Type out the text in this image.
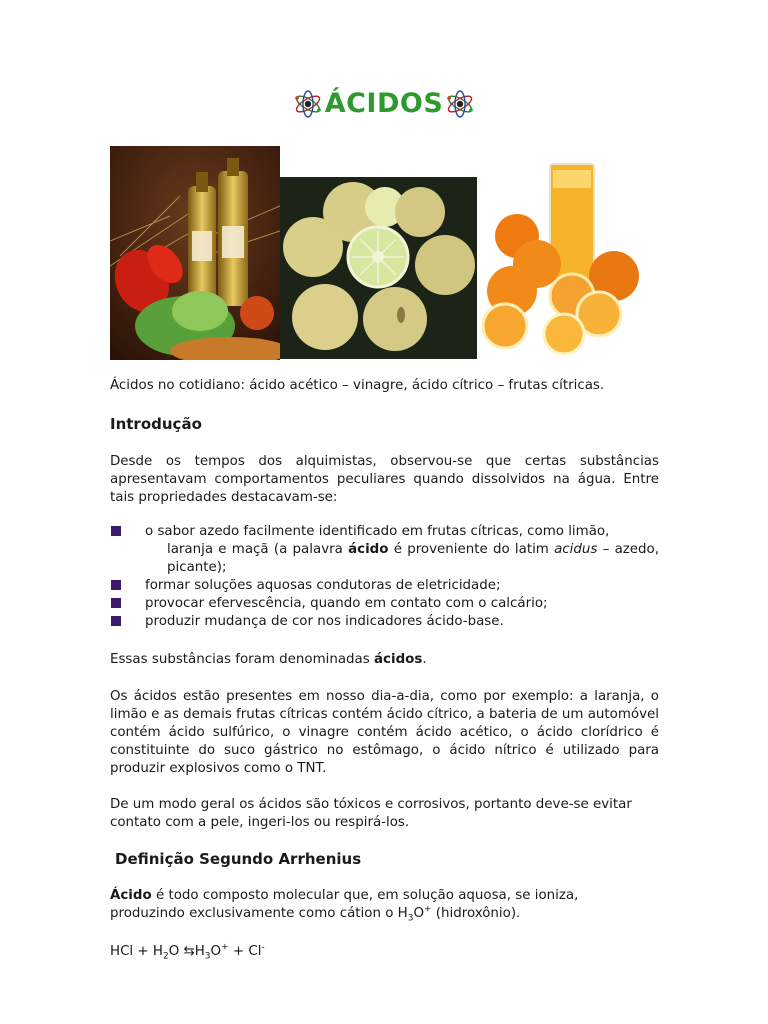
ÁCIDOS
Ácidos no cotidiano: ácido acético – vinagre, ácido cítrico – frutas cítricas.
Introdução
Desde os tempos dos alquimistas, observou-se que certas substâncias apresentavam comportamentos peculiares quando dissolvidos na água. Entre tais propriedades destacavam-se:
o sabor azedo facilmente identificado em frutas cítricas, como limão,
laranja e maçã (a palavra ácido é proveniente do latim acidus – azedo, picante);
formar soluções aquosas condutoras de eletricidade;
provocar efervescência, quando em contato com o calcário;
produzir mudança de cor nos indicadores ácido-base.
Essas substâncias foram denominadas ácidos.
Os ácidos estão presentes em nosso dia-a-dia, como por exemplo: a laranja, o limão e as demais frutas cítricas contém ácido cítrico, a bateria de um automóvel contém ácido sulfúrico, o vinagre contém ácido acético, o ácido clorídrico é constituinte do suco gástrico no estômago, o ácido nítrico é utilizado para produzir explosivos como o TNT.
De um modo geral os ácidos são tóxicos e corrosivos, portanto deve-se evitar contato com a pele, ingeri-los ou respirá-los.
Definição Segundo Arrhenius
Ácido é todo composto molecular que, em solução aquosa, se ioniza, produzindo exclusivamente como cátion o $H_3O^+$ (hidroxônio).
HCl + $H_2O$ $⇆H_3O^+ + Cl^-$
